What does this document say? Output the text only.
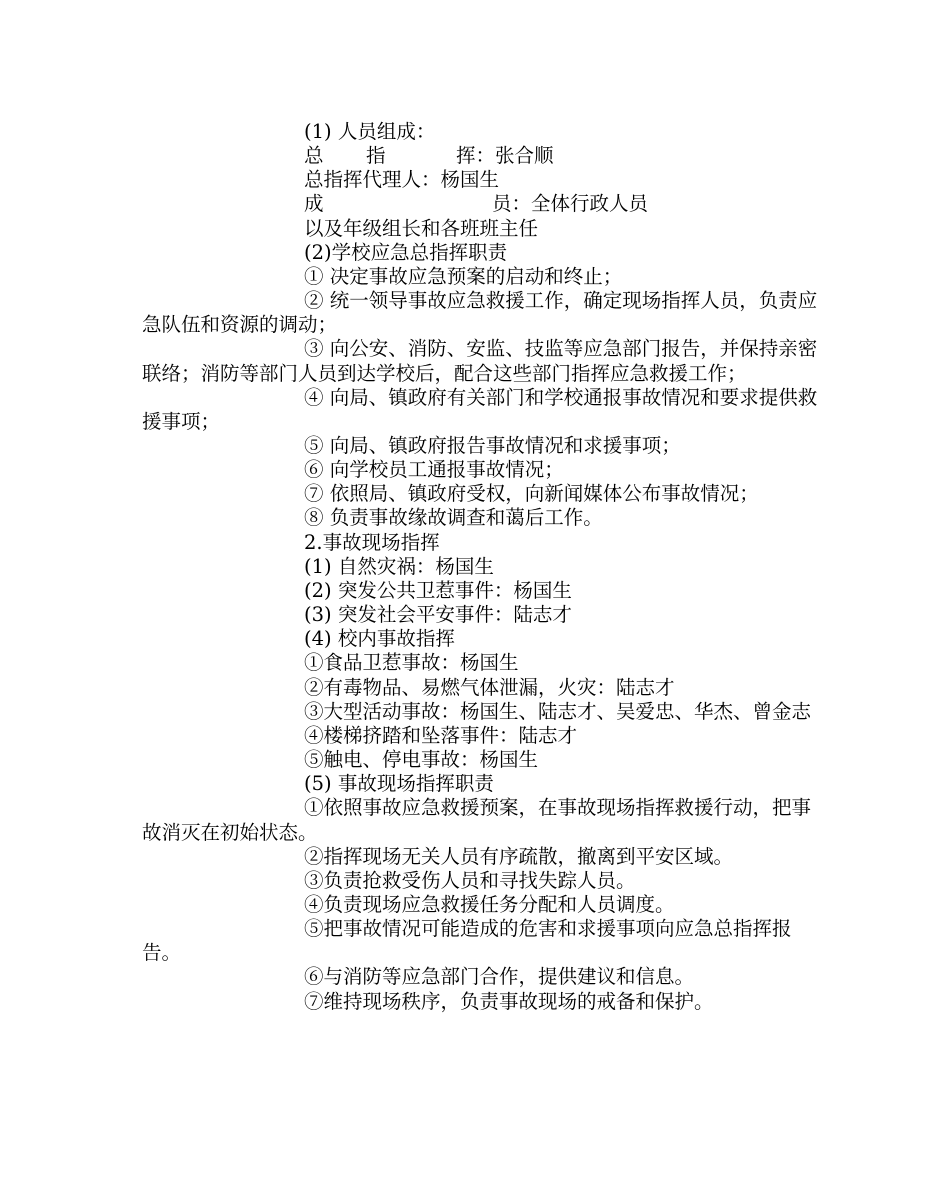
(1) 人员组成：

总 指	挥：张合顺

总指挥代理人：杨国生

成	员：全体行政人员

以及年级组长和各班班主任

(2)学校应急总指挥职责

① 决定事故应急预案的启动和终止；

② 统一领导事故应急救援工作，确定现场指挥人员，负责应急队伍和资源的调动；

③ 向公安、消防、安监、技监等应急部门报告，并保持亲密联络；消防等部门人员到达学校后，配合这些部门指挥应急救援工作；

④ 向局、镇政府有关部门和学校通报事故情况和要求提供救援事项；

⑤ 向局、镇政府报告事故情况和求援事项；

⑥ 向学校员工通报事故情况；

⑦ 依照局、镇政府受权，向新闻媒体公布事故情况；

⑧ 负责事故缘故调查和蔼后工作。

2.事故现场指挥

(1) 自然灾祸：杨国生

(2) 突发公共卫惹事件：杨国生

(3) 突发社会平安事件：陆志才

(4) 校内事故指挥

①食品卫惹事故：杨国生

②有毒物品、易燃气体泄漏，火灾：陆志才

③大型活动事故：杨国生、陆志才、吴爱忠、华杰、曾金志

④楼梯挤踏和坠落事件：陆志才

⑤触电、停电事故：杨国生

(5) 事故现场指挥职责

①依照事故应急救援预案，在事故现场指挥救援行动，把事故消灭在初始状态。

②指挥现场无关人员有序疏散，撤离到平安区域。

③负责抢救受伤人员和寻找失踪人员。

④负责现场应急救援任务分配和人员调度。

⑤把事故情况可能造成的危害和求援事项向应急总指挥报告。

⑥与消防等应急部门合作，提供建议和信息。

⑦维持现场秩序，负责事故现场的戒备和保护。
